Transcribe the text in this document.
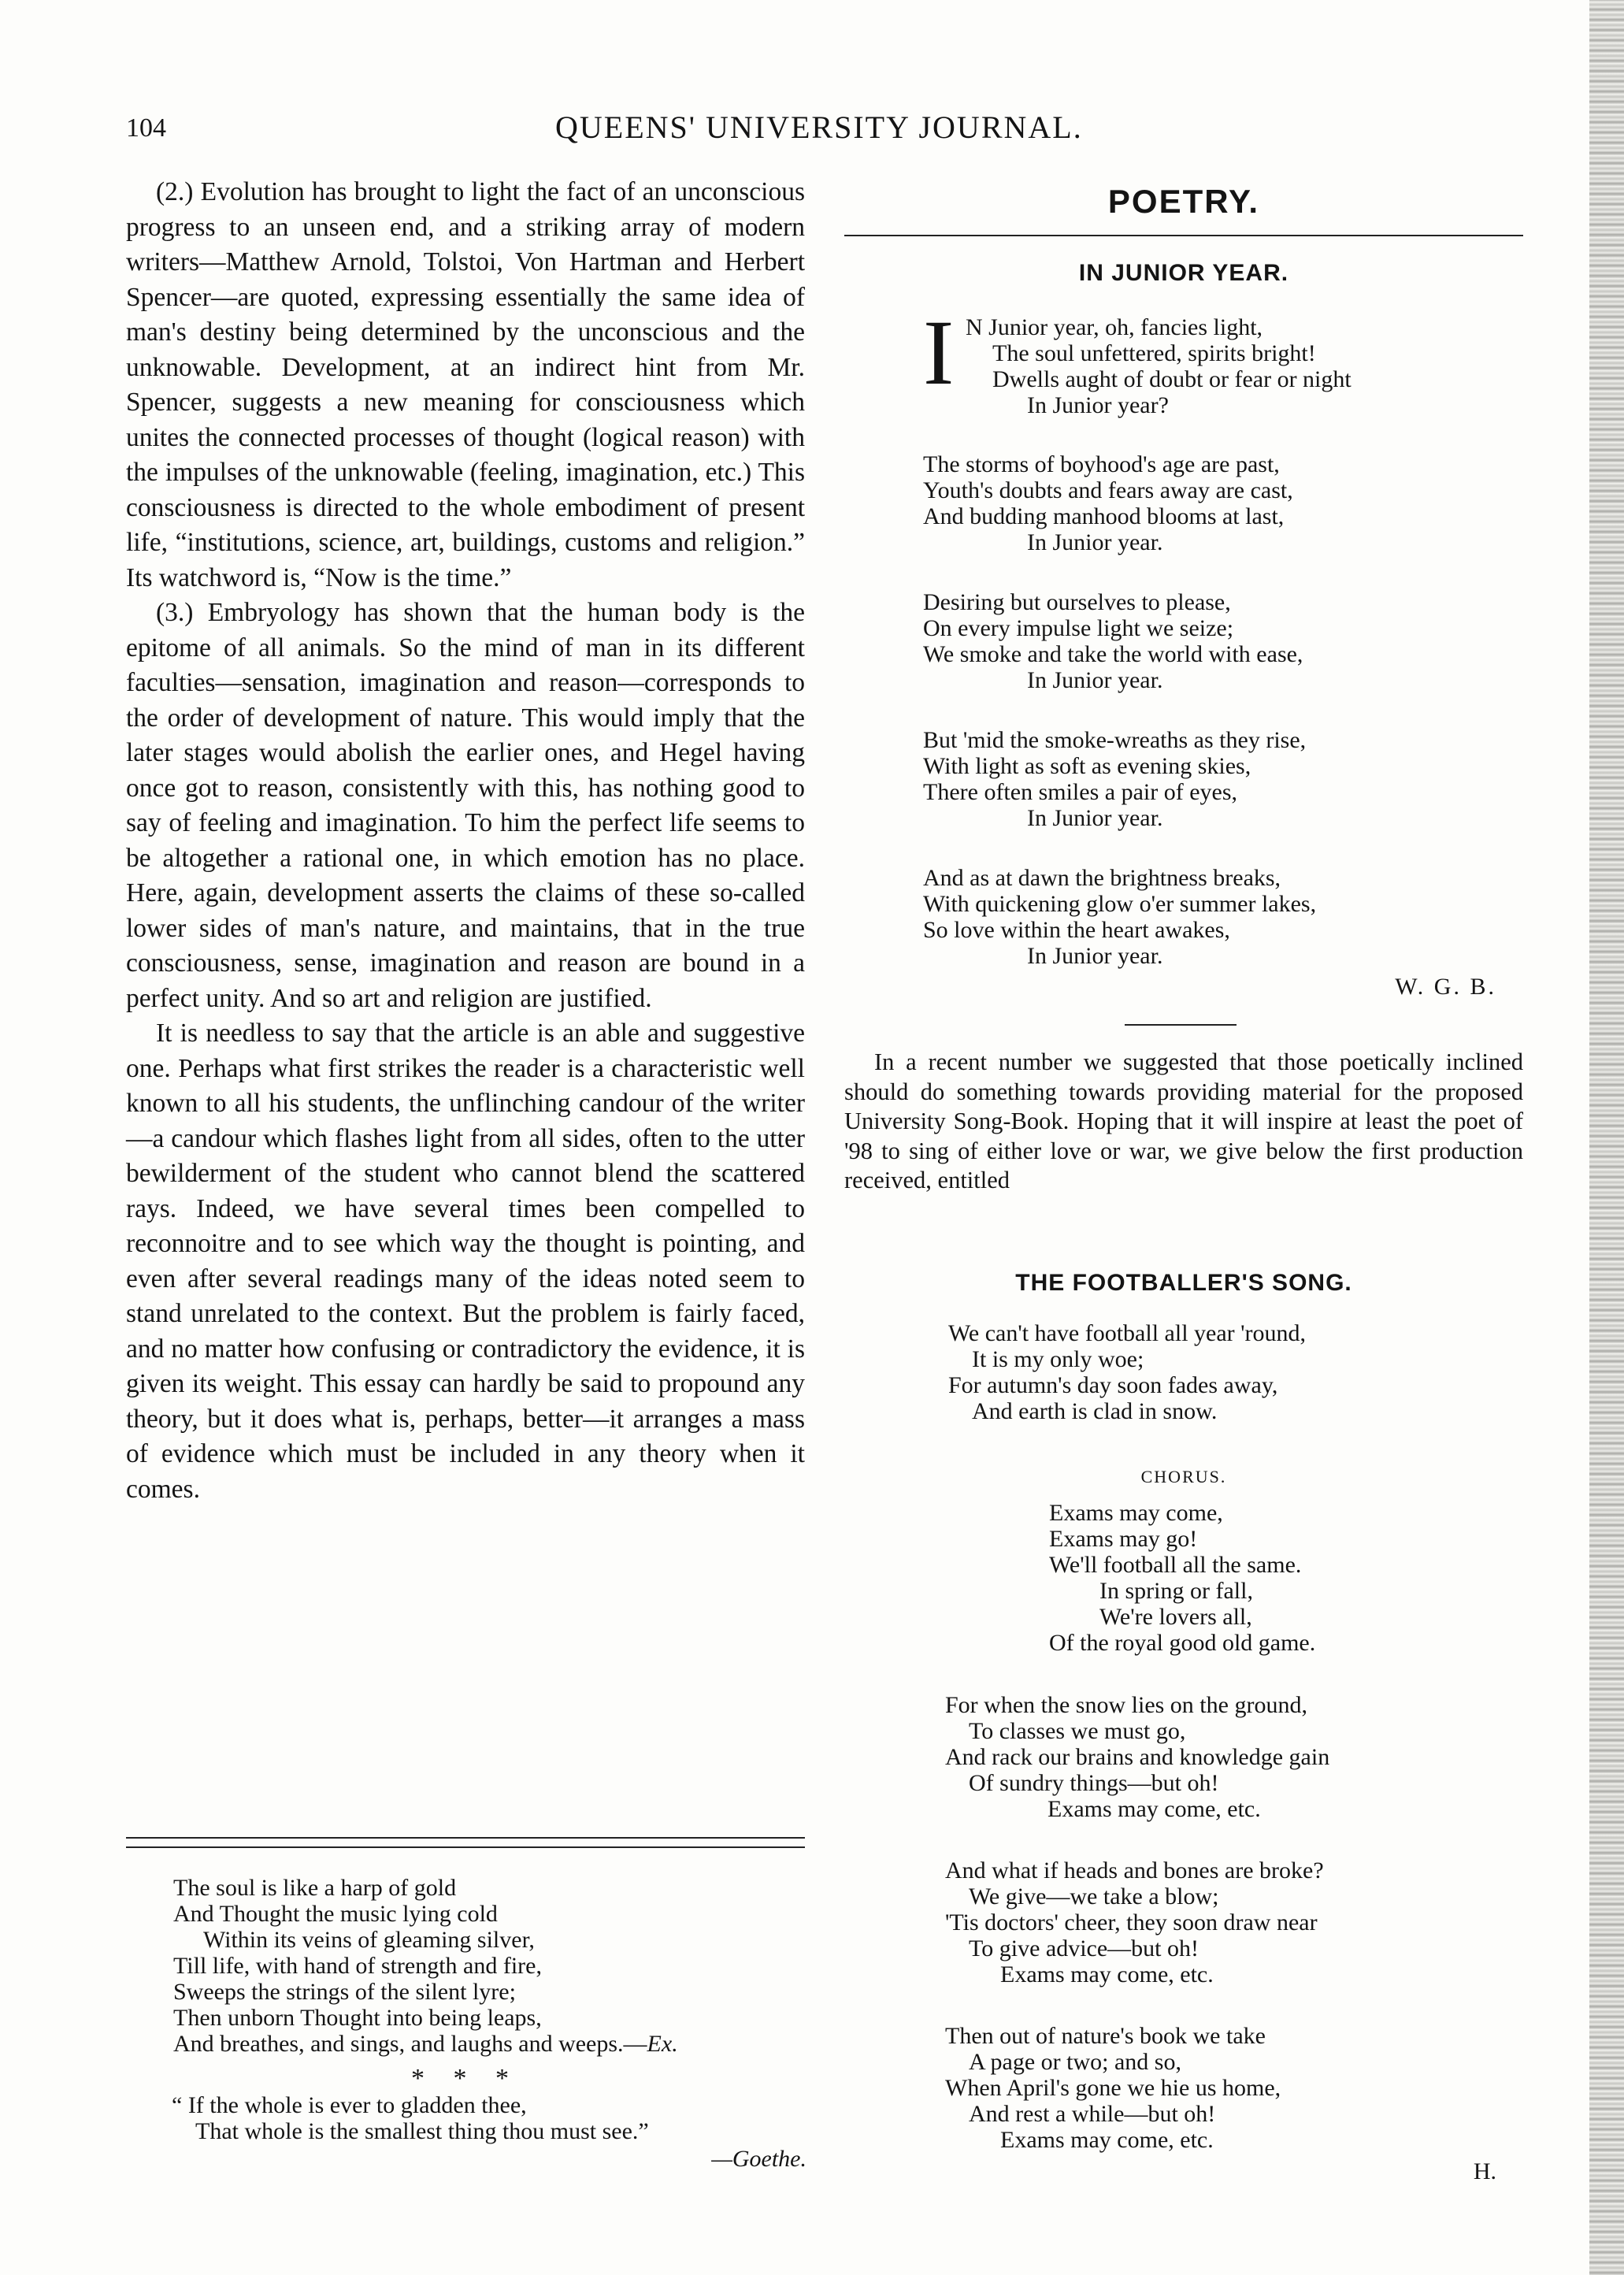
104	QUEENS' UNIVERSITY JOURNAL.

(2.) Evolution has brought to light the fact of an unconscious progress to an unseen end, and a striking array of modern writers—Matthew Arnold, Tolstoi, Von Hartman and Herbert Spencer—are quoted, expressing essentially the same idea of man's destiny being determined by the unconscious and the unknowable. Development, at an indirect hint from Mr. Spencer, suggests a new meaning for consciousness which unites the connected processes of thought (logical reason) with the impulses of the unknowable (feeling, imagination, etc.) This consciousness is directed to the whole embodiment of present life, “institutions, science, art, buildings, customs and religion.” Its watchword is, “Now is the time.”

(3.) Embryology has shown that the human body is the epitome of all animals. So the mind of man in its different faculties—sensation, imagination and reason—corresponds to the order of development of nature. This would imply that the later stages would abolish the earlier ones, and Hegel having once got to reason, consistently with this, has nothing good to say of feeling and imagination. To him the perfect life seems to be altogether a rational one, in which emotion has no place. Here, again, development asserts the claims of these so-called lower sides of man's nature, and maintains, that in the true consciousness, sense, imagination and reason are bound in a perfect unity. And so art and religion are justified.

It is needless to say that the article is an able and suggestive one. Perhaps what first strikes the reader is a characteristic well known to all his students, the unflinching candour of the writer—a candour which flashes light from all sides, often to the utter bewilderment of the student who cannot blend the scattered rays. Indeed, we have several times been compelled to reconnoitre and to see which way the thought is pointing, and even after several readings many of the ideas noted seem to stand unrelated to the context. But the problem is fairly faced, and no matter how confusing or contradictory the evidence, it is given its weight. This essay can hardly be said to propound any theory, but it does what is, perhaps, better—it arranges a mass of evidence which must be included in any theory when it comes.

The soul is like a harp of gold
And Thought the music lying cold
Within its veins of gleaming silver,
Till life, with hand of strength and fire,
Sweeps the strings of the silent lyre;
Then unborn Thought into being leaps,
And breathes, and sings, and laughs and weeps.—Ex.
* * *
“ If the whole is ever to gladden thee,
That whole is the smallest thing thou must see.”
—Goethe.
POETRY.
IN JUNIOR YEAR.
I N Junior year, oh, fancies light,
The soul unfettered, spirits bright!
Dwells aught of doubt or fear or night
In Junior year?
The storms of boyhood's age are past,
Youth's doubts and fears away are cast,
And budding manhood blooms at last,
In Junior year.
Desiring but ourselves to please,
On every impulse light we seize;
We smoke and take the world with ease,
In Junior year.
But 'mid the smoke-wreaths as they rise,
With light as soft as evening skies,
There often smiles a pair of eyes,
In Junior year.
And as at dawn the brightness breaks,
With quickening glow o'er summer lakes,
So love within the heart awakes,
In Junior year.
W. G. B.

In a recent number we suggested that those poetically inclined should do something towards providing material for the proposed University Song-Book. Hoping that it will inspire at least the poet of '98 to sing of either love or war, we give below the first production received, entitled

THE FOOTBALLER'S SONG.
We can't have football all year 'round,
It is my only woe;
For autumn's day soon fades away,
And earth is clad in snow.
CHORUS.
Exams may come,
Exams may go!
We'll football all the same.
In spring or fall,
We're lovers all,
Of the royal good old game.
For when the snow lies on the ground,
To classes we must go,
And rack our brains and knowledge gain
Of sundry things—but oh!
Exams may come, etc.
And what if heads and bones are broke?
We give—we take a blow;
'Tis doctors' cheer, they soon draw near
To give advice—but oh!
Exams may come, etc.
Then out of nature's book we take
A page or two; and so,
When April's gone we hie us home,
And rest a while—but oh!
Exams may come, etc.
H.
